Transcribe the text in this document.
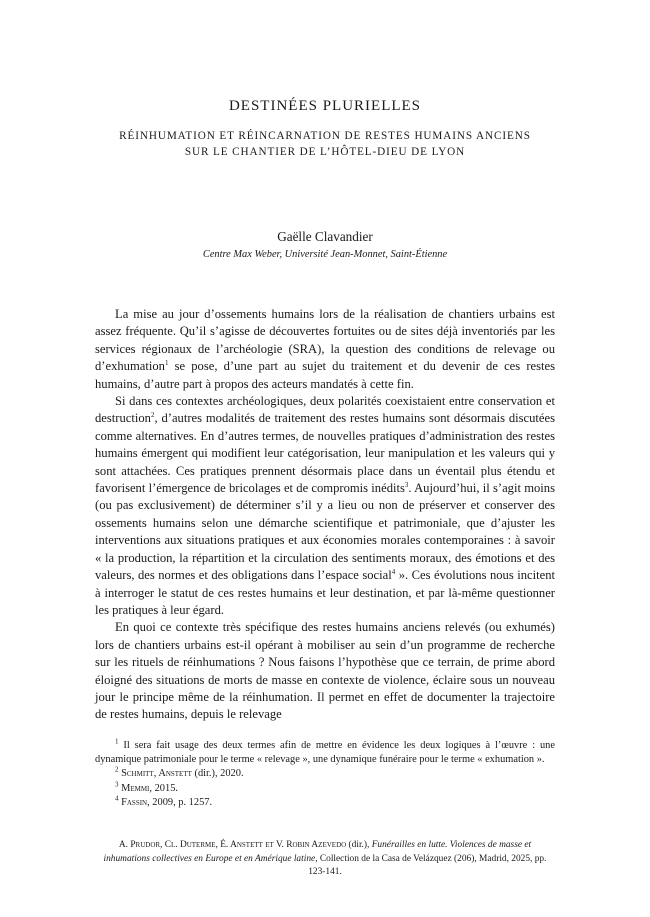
DESTINÉES PLURIELLES
RÉINHUMATION ET RÉINCARNATION DE RESTES HUMAINS ANCIENS
SUR LE CHANTIER DE L’HÔTEL-DIEU DE LYON

Gaëlle Clavandier

Centre Max Weber, Université Jean-Monnet, Saint-Étienne

La mise au jour d’ossements humains lors de la réalisation de chantiers urbains est assez fréquente. Qu’il s’agisse de découvertes fortuites ou de sites déjà inventoriés par les services régionaux de l’archéologie (SRA), la question des conditions de relevage ou d’exhumation$^1$ se pose, d’une part au sujet du traitement et du devenir de ces restes humains, d’autre part à propos des acteurs mandatés à cette fin.

Si dans ces contextes archéologiques, deux polarités coexistaient entre conservation et destruction$^2$, d’autres modalités de traitement des restes humains sont désormais discutées comme alternatives. En d’autres termes, de nouvelles pratiques d’administration des restes humains émergent qui modifient leur catégorisation, leur manipulation et les valeurs qui y sont attachées. Ces pratiques prennent désormais place dans un éventail plus étendu et favorisent l’émergence de bricolages et de compromis inédits$^3$. Aujourd’hui, il s’agit moins (ou pas exclusivement) de déterminer s’il y a lieu ou non de préserver et conserver des ossements humains selon une démarche scientifique et patrimoniale, que d’ajuster les interventions aux situations pratiques et aux économies morales contemporaines : à savoir « la production, la répartition et la circulation des sentiments moraux, des émotions et des valeurs, des normes et des obligations dans l’espace social$^4$ ». Ces évolutions nous incitent à interroger le statut de ces restes humains et leur destination, et par là-même questionner les pratiques à leur égard.

En quoi ce contexte très spécifique des restes humains anciens relevés (ou exhumés) lors de chantiers urbains est-il opérant à mobiliser au sein d’un programme de recherche sur les rituels de réinhumations ? Nous faisons l’hypothèse que ce terrain, de prime abord éloigné des situations de morts de masse en contexte de violence, éclaire sous un nouveau jour le principe même de la réinhumation. Il permet en effet de documenter la trajectoire de restes humains, depuis le relevage

$^1$ Il sera fait usage des deux termes afin de mettre en évidence les deux logiques à l’œuvre : une dynamique patrimoniale pour le terme « relevage », une dynamique funéraire pour le terme « exhumation ».

$^2$ Schmitt, Anstett (dir.), 2020.

$^3$ Memmi, 2015.

$^4$ Fassin, 2009, p. 1257.

A. Prudor, Cl. Duterme, É. Anstett et V. Robin Azevedo (dir.), Funérailles en lutte. Violences de masse et inhumations collectives en Europe et en Amérique latine, Collection de la Casa de Velázquez (206), Madrid, 2025, pp. 123-141.
